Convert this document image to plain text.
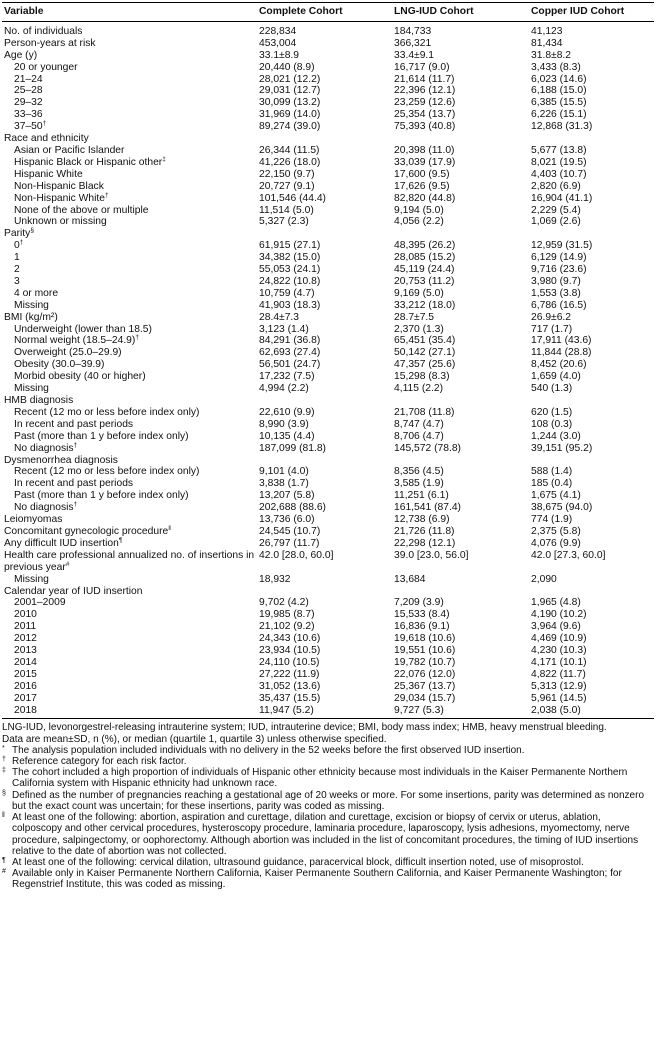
Variable	Complete Cohort	LNG-IUD Cohort	Copper IUD Cohort
No. of individuals	228,834	184,733	41,123
Person-years at risk	453,004	366,321	81,434
Age (y)	33.1±8.9	33.4±9.1	31.8±8.2
20 or younger	20,440 (8.9)	16,717 (9.0)	3,433 (8.3)
21–24	28,021 (12.2)	21,614 (11.7)	6,023 (14.6)
25–28	29,031 (12.7)	22,396 (12.1)	6,188 (15.0)
29–32	30,099 (13.2)	23,259 (12.6)	6,385 (15.5)
33–36	31,969 (14.0)	25,354 (13.7)	6,226 (15.1)
37–50†	89,274 (39.0)	75,393 (40.8)	12,868 (31.3)
Race and ethnicity			
Asian or Pacific Islander	26,344 (11.5)	20,398 (11.0)	5,677 (13.8)
Hispanic Black or Hispanic other‡	41,226 (18.0)	33,039 (17.9)	8,021 (19.5)
Hispanic White	22,150 (9.7)	17,600 (9.5)	4,403 (10.7)
Non-Hispanic Black	20,727 (9.1)	17,626 (9.5)	2,820 (6.9)
Non-Hispanic White†	101,546 (44.4)	82,820 (44.8)	16,904 (41.1)
None of the above or multiple	11,514 (5.0)	9,194 (5.0)	2,229 (5.4)
Unknown or missing	5,327 (2.3)	4,056 (2.2)	1,069 (2.6)
Parity§			
0†	61,915 (27.1)	48,395 (26.2)	12,959 (31.5)
1	34,382 (15.0)	28,085 (15.2)	6,129 (14.9)
2	55,053 (24.1)	45,119 (24.4)	9,716 (23.6)
3	24,822 (10.8)	20,753 (11.2)	3,980 (9.7)
4 or more	10,759 (4.7)	9,169 (5.0)	1,553 (3.8)
Missing	41,903 (18.3)	33,212 (18.0)	6,786 (16.5)
BMI (kg/m²)	28.4±7.3	28.7±7.5	26.9±6.2
Underweight (lower than 18.5)	3,123 (1.4)	2,370 (1.3)	717 (1.7)
Normal weight (18.5–24.9)†	84,291 (36.8)	65,451 (35.4)	17,911 (43.6)
Overweight (25.0–29.9)	62,693 (27.4)	50,142 (27.1)	11,844 (28.8)
Obesity (30.0–39.9)	56,501 (24.7)	47,357 (25.6)	8,452 (20.6)
Morbid obesity (40 or higher)	17,232 (7.5)	15,298 (8.3)	1,659 (4.0)
Missing	4,994 (2.2)	4,115 (2.2)	540 (1.3)
HMB diagnosis			
Recent (12 mo or less before index only)	22,610 (9.9)	21,708 (11.8)	620 (1.5)
In recent and past periods	8,990 (3.9)	8,747 (4.7)	108 (0.3)
Past (more than 1 y before index only)	10,135 (4.4)	8,706 (4.7)	1,244 (3.0)
No diagnosis†	187,099 (81.8)	145,572 (78.8)	39,151 (95.2)
Dysmenorrhea diagnosis			
Recent (12 mo or less before index only)	9,101 (4.0)	8,356 (4.5)	588 (1.4)
In recent and past periods	3,838 (1.7)	3,585 (1.9)	185 (0.4)
Past (more than 1 y before index only)	13,207 (5.8)	11,251 (6.1)	1,675 (4.1)
No diagnosis†	202,688 (88.6)	161,541 (87.4)	38,675 (94.0)
Leiomyomas	13,736 (6.0)	12,738 (6.9)	774 (1.9)
Concomitant gynecologic procedure‖	24,545 (10.7)	21,726 (11.8)	2,375 (5.8)
Any difficult IUD insertion¶	26,797 (11.7)	22,298 (12.1)	4,076 (9.9)
Health care professional annualized no. of insertions in previous year#	42.0 [28.0, 60.0]	39.0 [23.0, 56.0]	42.0 [27.3, 60.0]
Missing	18,932	13,684	2,090
Calendar year of IUD insertion			
2001–2009	9,702 (4.2)	7,209 (3.9)	1,965 (4.8)
2010	19,985 (8.7)	15,533 (8.4)	4,190 (10.2)
2011	21,102 (9.2)	16,836 (9.1)	3,964 (9.6)
2012	24,343 (10.6)	19,618 (10.6)	4,469 (10.9)
2013	23,934 (10.5)	19,551 (10.6)	4,230 (10.3)
2014	24,110 (10.5)	19,782 (10.7)	4,171 (10.1)
2015	27,222 (11.9)	22,076 (12.0)	4,822 (11.7)
2016	31,052 (13.6)	25,367 (13.7)	5,313 (12.9)
2017	35,437 (15.5)	29,034 (15.7)	5,961 (14.5)
2018	11,947 (5.2)	9,727 (5.3)	2,038 (5.0)
LNG-IUD, levonorgestrel-releasing intrauterine system; IUD, intrauterine device; BMI, body mass index; HMB, heavy menstrual bleeding.
Data are mean±SD, n (%), or median (quartile 1, quartile 3) unless otherwise specified.
* The analysis population included individuals with no delivery in the 52 weeks before the first observed IUD insertion.
† Reference category for each risk factor.
‡ The cohort included a high proportion of individuals of Hispanic other ethnicity because most individuals in the Kaiser Permanente Northern California system with Hispanic ethnicity had unknown race.
§ Defined as the number of pregnancies reaching a gestational age of 20 weeks or more. For some insertions, parity was determined as nonzero but the exact count was uncertain; for these insertions, parity was coded as missing.
‖ At least one of the following: abortion, aspiration and curettage, dilation and curettage, excision or biopsy of cervix or uterus, ablation, colposcopy and other cervical procedures, hysteroscopy procedure, laminaria procedure, laparoscopy, lysis adhesions, myomectomy, nerve procedure, salpingectomy, or oophorectomy. Although abortion was included in the list of concomitant procedures, the timing of IUD insertions relative to the date of abortion was not collected.
¶ At least one of the following: cervical dilation, ultrasound guidance, paracervical block, difficult insertion noted, use of misoprostol.
# Available only in Kaiser Permanente Northern California, Kaiser Permanente Southern California, and Kaiser Permanente Washington; for Regenstrief Institute, this was coded as missing.
